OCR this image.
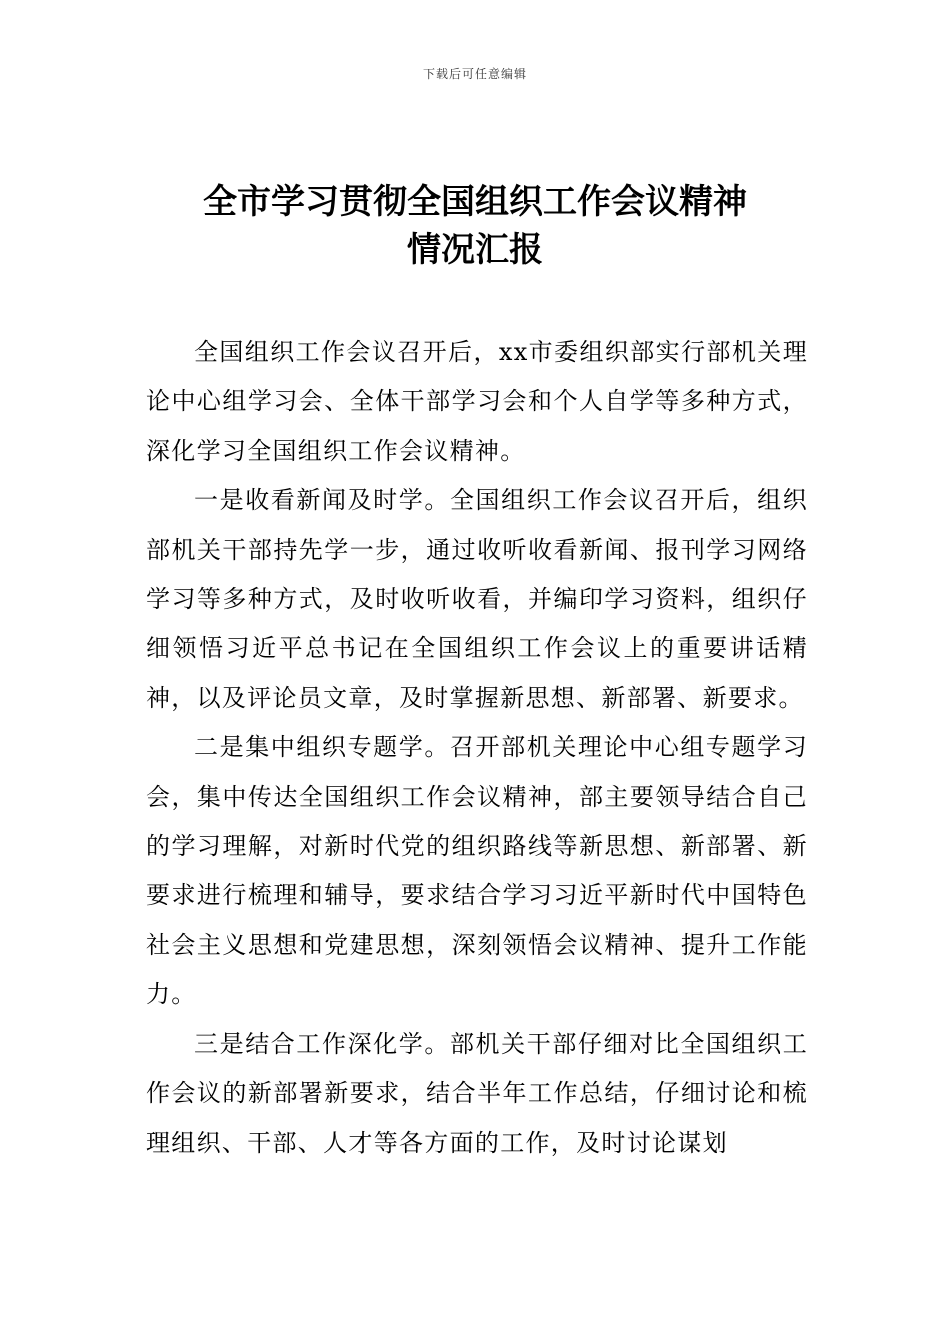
下载后可任意编辑
全市学习贯彻全国组织工作会议精神
情况汇报

全国组织工作会议召开后，xx市委组织部实行部机关理论中心组学习会、全体干部学习会和个人自学等多种方式，深化学习全国组织工作会议精神。

一是收看新闻及时学。全国组织工作会议召开后，组织部机关干部持先学一步，通过收听收看新闻、报刊学习网络学习等多种方式，及时收听收看，并编印学习资料，组织仔细领悟习近平总书记在全国组织工作会议上的重要讲话精神，以及评论员文章，及时掌握新思想、新部署、新要求。

二是集中组织专题学。召开部机关理论中心组专题学习会，集中传达全国组织工作会议精神，部主要领导结合自己的学习理解，对新时代党的组织路线等新思想、新部署、新要求进行梳理和辅导，要求结合学习习近平新时代中国特色社会主义思想和党建思想，深刻领悟会议精神、提升工作能力。

三是结合工作深化学。部机关干部仔细对比全国组织工作会议的新部署新要求，结合半年工作总结，仔细讨论和梳理组织、干部、人才等各方面的工作，及时讨论谋划
